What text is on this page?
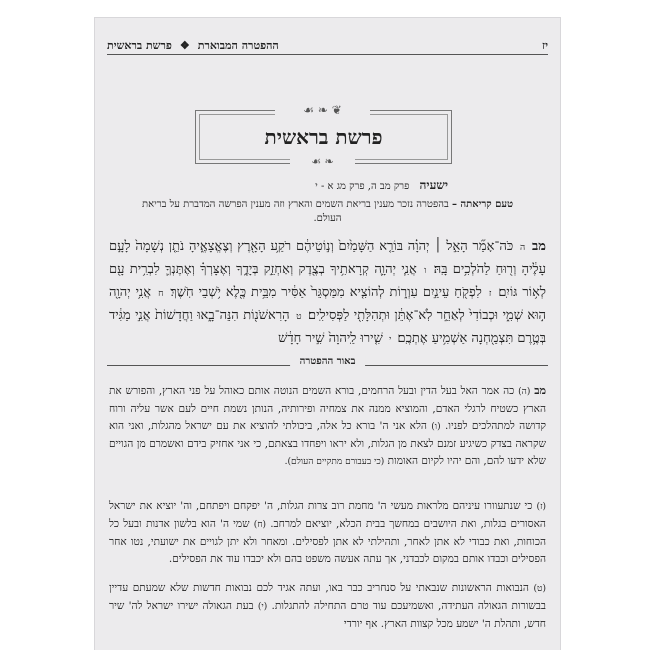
יז
ההפטרה המבוארת❖פרשת בראשית
פרשת בראשית
❦ ❧ ☙
❧ ☙
ישעיה פרק מב ה, פרק מג א - י
טעם קריאתה – בהפטרה נזכר מענין בריאת השמים והארץ וזה מענין הפרשה המדברת על בריאת העולם.
מב ה כֹּה־אָמַ֞ר הָאֵ֣ל ׀ יְהוָ֗ה בּוֹרֵ֤א הַשָּׁמַ֙יִם֙ וְנ֣וֹטֵיהֶ֔ם רֹקַ֥ע הָאָ֖רֶץ וְצֶאֱצָאֶ֑יהָ נֹתֵ֤ן נְשָׁמָה֙ לָעָ֣ם עָלֶ֔יהָ וְר֖וּחַ לַהֹלְכִ֥ים בָּֽהּ׃ ו אֲנִ֧י יְהוָ֛ה קְרָאתִ֥יךָ בְצֶ֖דֶק וְאַחְזֵ֣ק בְּיָדֶ֑ךָ וְאֶצָּרְךָ֗ וְאֶתֶּנְךָ֛ לִבְרִ֥ית עָ֖ם לְא֥וֹר גּוֹיִֽם׃ ז לִפְקֹ֖חַ עֵינַ֣יִם עִוְר֑וֹת לְהוֹצִ֤יא מִמַּסְגֵּר֙ אַסִּ֔יר מִבֵּ֥ית כֶּ֖לֶא יֹ֥שְׁבֵי חֹֽשֶׁךְ׃ ח אֲנִ֥י יְהוָ֖ה ה֣וּא שְׁמִ֑י וּכְבוֹדִי֙ לְאַחֵ֣ר לֹֽא־אֶתֵּ֔ן וּתְהִלָּתִ֖י לַפְּסִילִֽים׃ ט הָרִאשֹׁנ֖וֹת הִנֵּה־בָ֑אוּ וַחֲדָשׁוֹת֙ אֲנִ֣י מַגִּ֔יד בְּטֶ֥רֶם תִּצְמַ֖חְנָה אַשְׁמִ֥יעַ אֶתְכֶֽם׃ י שִׁ֤ירוּ לַֽיהוָה֙ שִׁ֣יר חָדָ֔שׁ
באור ההפטרה
מב (ה) כה אמר האל בעל הדין ובעל הרחמים, בורא השמים הנוטה אותם כאוהל על פני הארץ, והפורש את הארץ כשטיח לרגלי האדם, והמוציא ממנה את צמחיה ופירותיה, הנותן נשמת חיים לעם אשר עליה ורוח קדושה למתהלכים לפניו. (ו) הלא אני ה' בורא כל אלה, ביכולתי להוציא את עם ישראל מהגלות, ואני הוא שקראה בצדק כשיגיע זמנם לצאת מן הגלות, ולא יראו ויפחדו בצאתם, כי אני אחזיק בידם ואשמרם מן הגויים שלא ידעו להם, והם יהיו לקיום האומות (כי בעבורם מתקיים העולם).
(ז) כי שנתעוורו עיניהם מלראות מעשי ה' מחמת רוב צרות הגלות, ה' יפקחם ויפתחם, וה' יוציא את ישראל האסורים בגלות, ואת היושבים במחשך בבית הכלא, יוציאם למרחב. (ח) שמי ה' הוא בלשון אדנות ובעל כל הכוחות, ואת כבודי לא אתן לאחר, ותהילתי לא אתן לפסילים. ומאחר ולא יתן לגויים את ישועתי, נטו אחר הפסילים וכבדו אותם במקום לכבדני, אך עתה אעשה משפט בהם ולא יכבדו עוד את הפסילים.
(ט) הנבואות הראשונות שנבאתי על סנחריב כבר באו, ועתה אגיד לכם נבואות חדשות שלא שמעתם עדיין בבשורות הגאולה העתידה, ואשמיעכם עוד טרם התחילה להתגלות. (י) בעת הגאולה ישירו ישראל לה' שיר חדש, ותהלת ה' ישמע מכל קצוות הארץ. אף יורדי
